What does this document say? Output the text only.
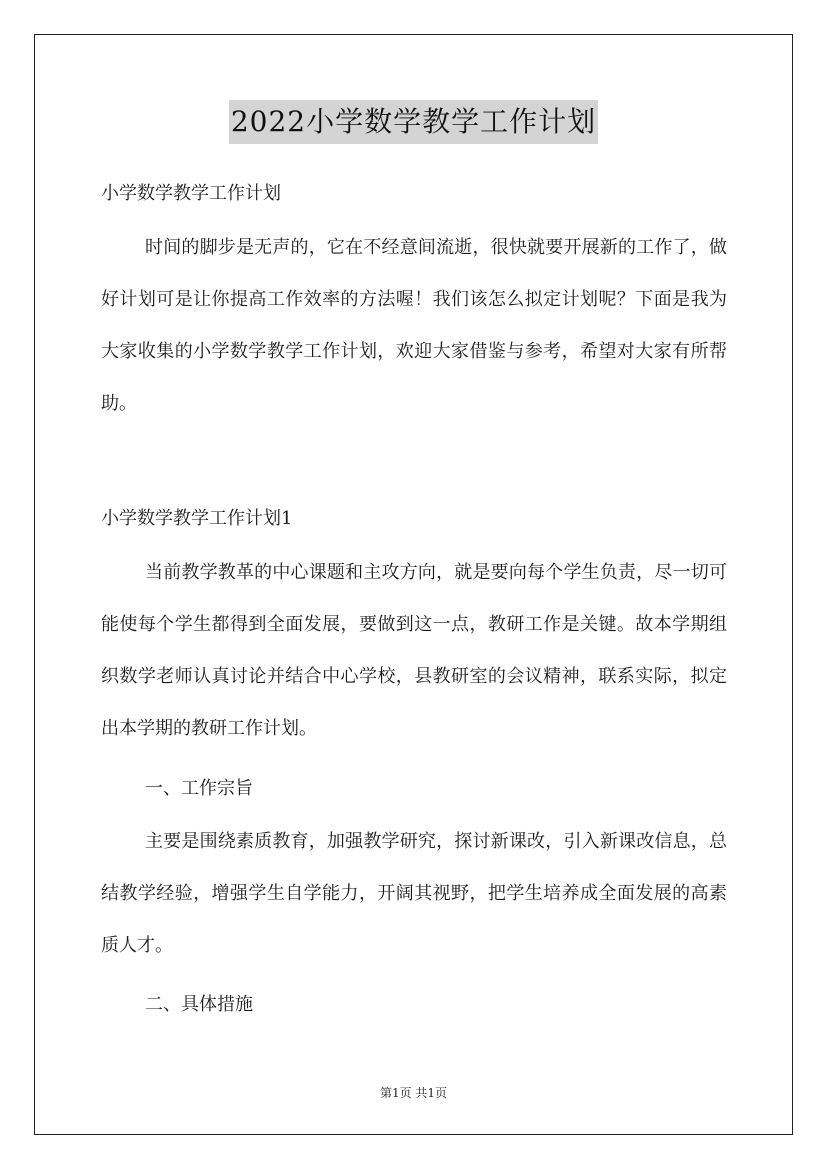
2022小学数学教学工作计划
小学数学教学工作计划

时间的脚步是无声的，它在不经意间流逝，很快就要开展新的工作了，做好计划可是让你提高工作效率的方法喔！我们该怎么拟定计划呢？下面是我为大家收集的小学数学教学工作计划，欢迎大家借鉴与参考，希望对大家有所帮助。

小学数学教学工作计划1

当前教学教革的中心课题和主攻方向，就是要向每个学生负责，尽一切可能使每个学生都得到全面发展，要做到这一点，教研工作是关键。故本学期组织数学老师认真讨论并结合中心学校，县教研室的会议精神，联系实际，拟定出本学期的教研工作计划。

一、工作宗旨

主要是围绕素质教育，加强教学研究，探讨新课改，引入新课改信息，总结教学经验，增强学生自学能力，开阔其视野，把学生培养成全面发展的高素质人才。

二、具体措施
第1页 共1页
